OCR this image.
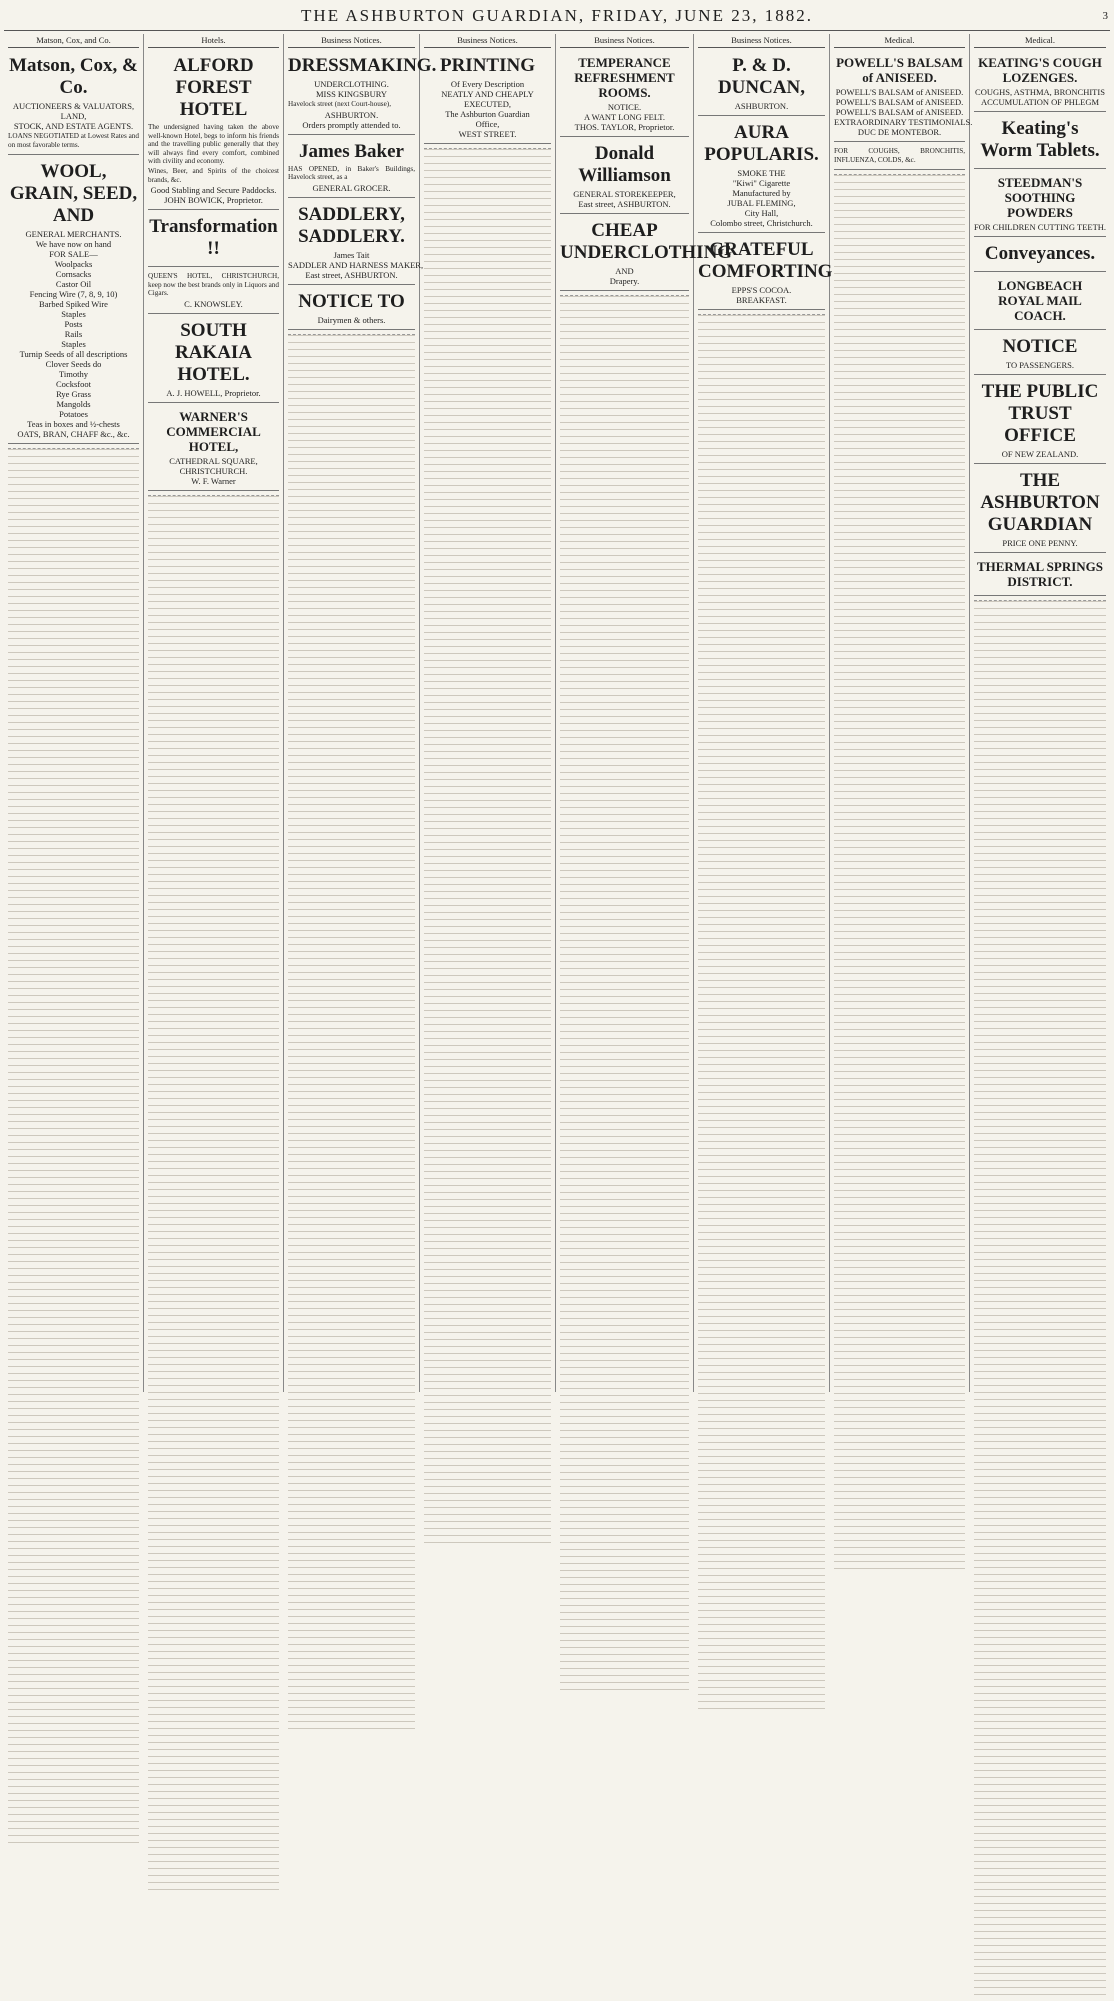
THE ASHBURTON GUARDIAN, FRIDAY, JUNE 23, 1882.	3
Matson, Cox, and Co.
Matson, Cox, & Co.
AUCTIONEERS & VALUATORS,
LAND,
STOCK, AND ESTATE AGENTS.
LOANS NEGOTIATED at Lowest Rates and on most favorable terms.
WOOL, GRAIN, SEED, AND
GENERAL MERCHANTS.
We have now on hand
FOR SALE—
Woolpacks
Cornsacks
Castor Oil
Fencing Wire (7, 8, 9, 10)
Barbed Spiked Wire
Staples
Posts
Rails
Staples
Turnip Seeds of all descriptions
Clover Seeds do
Timothy
Cocksfoot
Rye Grass
Mangolds
Potatoes
Teas in boxes and ½-chests
OATS, BRAN, CHAFF &c., &c.
Hotels.
ALFORD FOREST HOTEL
The undersigned having taken the above well-known Hotel, begs to inform his friends and the travelling public generally that they will always find every comfort, combined with civility and economy.
Wines, Beer, and Spirits of the choicest brands, &c.
Good Stabling and Secure Paddocks.
JOHN BOWICK, Proprietor.
Transformation !!
QUEEN'S HOTEL, CHRISTCHURCH, keep now the best brands only in Liquors and Cigars.
C. KNOWSLEY.
SOUTH RAKAIA HOTEL.
A. J. HOWELL, Proprietor.
WARNER'S COMMERCIAL HOTEL,
CATHEDRAL SQUARE,
CHRISTCHURCH.
W. F. Warner
Business Notices.
DRESSMAKING.
UNDERCLOTHING.
MISS KINGSBURY
Havelock street (next Court-house),
ASHBURTON.
Orders promptly attended to.
James Baker
HAS OPENED, in Baker's Buildings, Havelock street, as a
GENERAL GROCER.
SADDLERY, SADDLERY.
James Tait
SADDLER AND HARNESS MAKER,
East street, ASHBURTON.
NOTICE TO
Dairymen & others.
Business Notices.
PRINTING
Of Every Description
NEATLY AND CHEAPLY
EXECUTED,
The Ashburton Guardian
Office,
WEST STREET.
Business Notices.
TEMPERANCE REFRESHMENT ROOMS.
NOTICE.
A WANT LONG FELT.
THOS. TAYLOR, Proprietor.
Donald Williamson
GENERAL STOREKEEPER,
East street, ASHBURTON.
CHEAP UNDERCLOTHING
AND
Drapery.
Business Notices.
P. & D. DUNCAN,
ASHBURTON.
AURA POPULARIS.
SMOKE THE
"Kiwi" Cigarette
Manufactured by
JUBAL FLEMING,
City Hall,
Colombo street, Christchurch.
GRATEFUL COMFORTING
EPPS'S COCOA.
BREAKFAST.
Medical.
POWELL'S BALSAM of ANISEED.
POWELL'S BALSAM of ANISEED.
POWELL'S BALSAM of ANISEED.
POWELL'S BALSAM of ANISEED.
EXTRAORDINARY TESTIMONIALS.
DUC DE MONTEBOR.
FOR COUGHS, BRONCHITIS, INFLUENZA, COLDS, &c.
Medical.
KEATING'S COUGH LOZENGES.
COUGHS, ASTHMA, BRONCHITIS
ACCUMULATION OF PHLEGM
Keating's Worm Tablets.
STEEDMAN'S SOOTHING POWDERS
FOR CHILDREN CUTTING TEETH.
Conveyances.
LONGBEACH ROYAL MAIL COACH.
NOTICE
TO PASSENGERS.
THE PUBLIC TRUST OFFICE
OF NEW ZEALAND.
THE ASHBURTON GUARDIAN
PRICE ONE PENNY.
THERMAL SPRINGS DISTRICT.
